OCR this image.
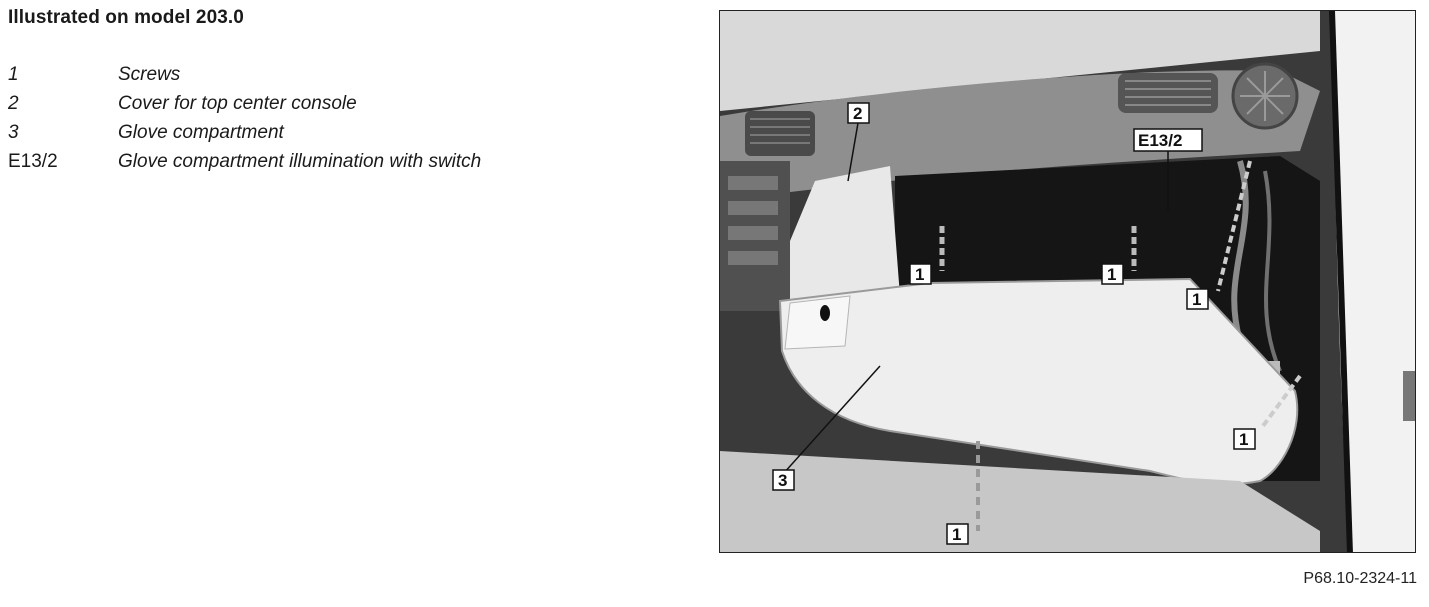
Illustrated on model 203.0
1	Screws
2	Cover for top center console
3	Glove compartment
E13/2	Glove compartment illumination with switch
2
E13/2
1	1
1
1
1
3
P68.10-2324-11
